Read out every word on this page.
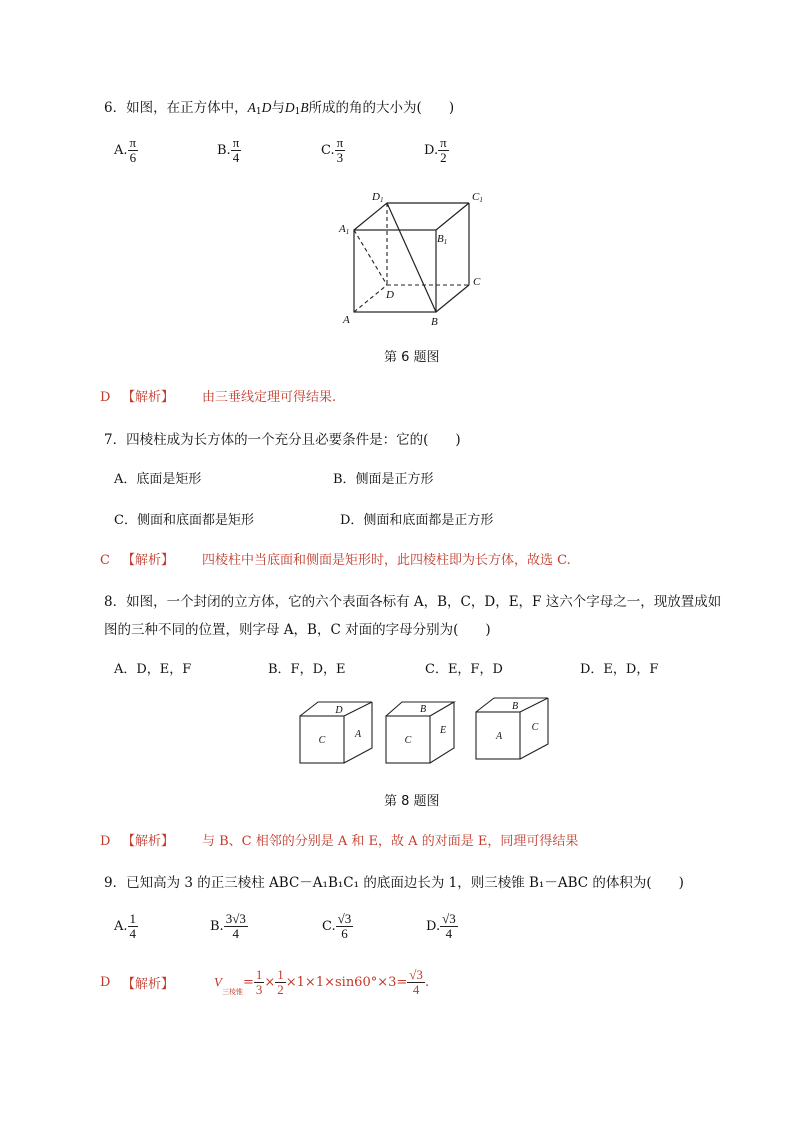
6．如图，在正方体中，$A_1D$与$D_1B$所成的角的大小为(　　)
A. $\frac{\pi}{6}$	B. $\frac{\pi}{4}$	C. $\frac{\pi}{3}$	D. $\frac{\pi}{2}$
D1	C1
A1
B1
C
D
A	B
第 6 题图
D 【解析】 由三垂线定理可得结果.
7．四棱柱成为长方体的一个充分且必要条件是：它的(　　)
A．底面是矩形	B．侧面是正方形
C．侧面和底面都是矩形	D．侧面和底面都是正方形
C 【解析】 四棱柱中当底面和侧面是矩形时，此四棱柱即为长方体，故选 C.
8．如图，一个封闭的立方体，它的六个表面各标有 A，B，C，D，E，F 这六个字母之一，现放置成如
图的三种不同的位置，则字母 A，B，C 对面的字母分别为(　　)
A．D，E，F	B．F，D，E	C．E，F，D	D．E，D，F
C
D
A
C
B
E
A
B
C
第 8 题图
D 【解析】 与 B、C 相邻的分别是 A 和 E，故 A 的对面是 E，同理可得结果
9．已知高为 3 的正三棱柱 ABC－A₁B₁C₁ 的底面边长为 1，则三棱锥 B₁－ABC 的体积为(　　)
A. $\frac{1}{4}$	B. $\frac{3√3}{4}$	C. $\frac{√3}{6}$	D. $\frac{√3}{4}$
D 【解析】	$V_{三棱锥}= \frac{1}{3} \times \frac{1}{2} \times 1\times 1\times\sin 60^\circ\times 3= \frac{√3}{4}$ .
